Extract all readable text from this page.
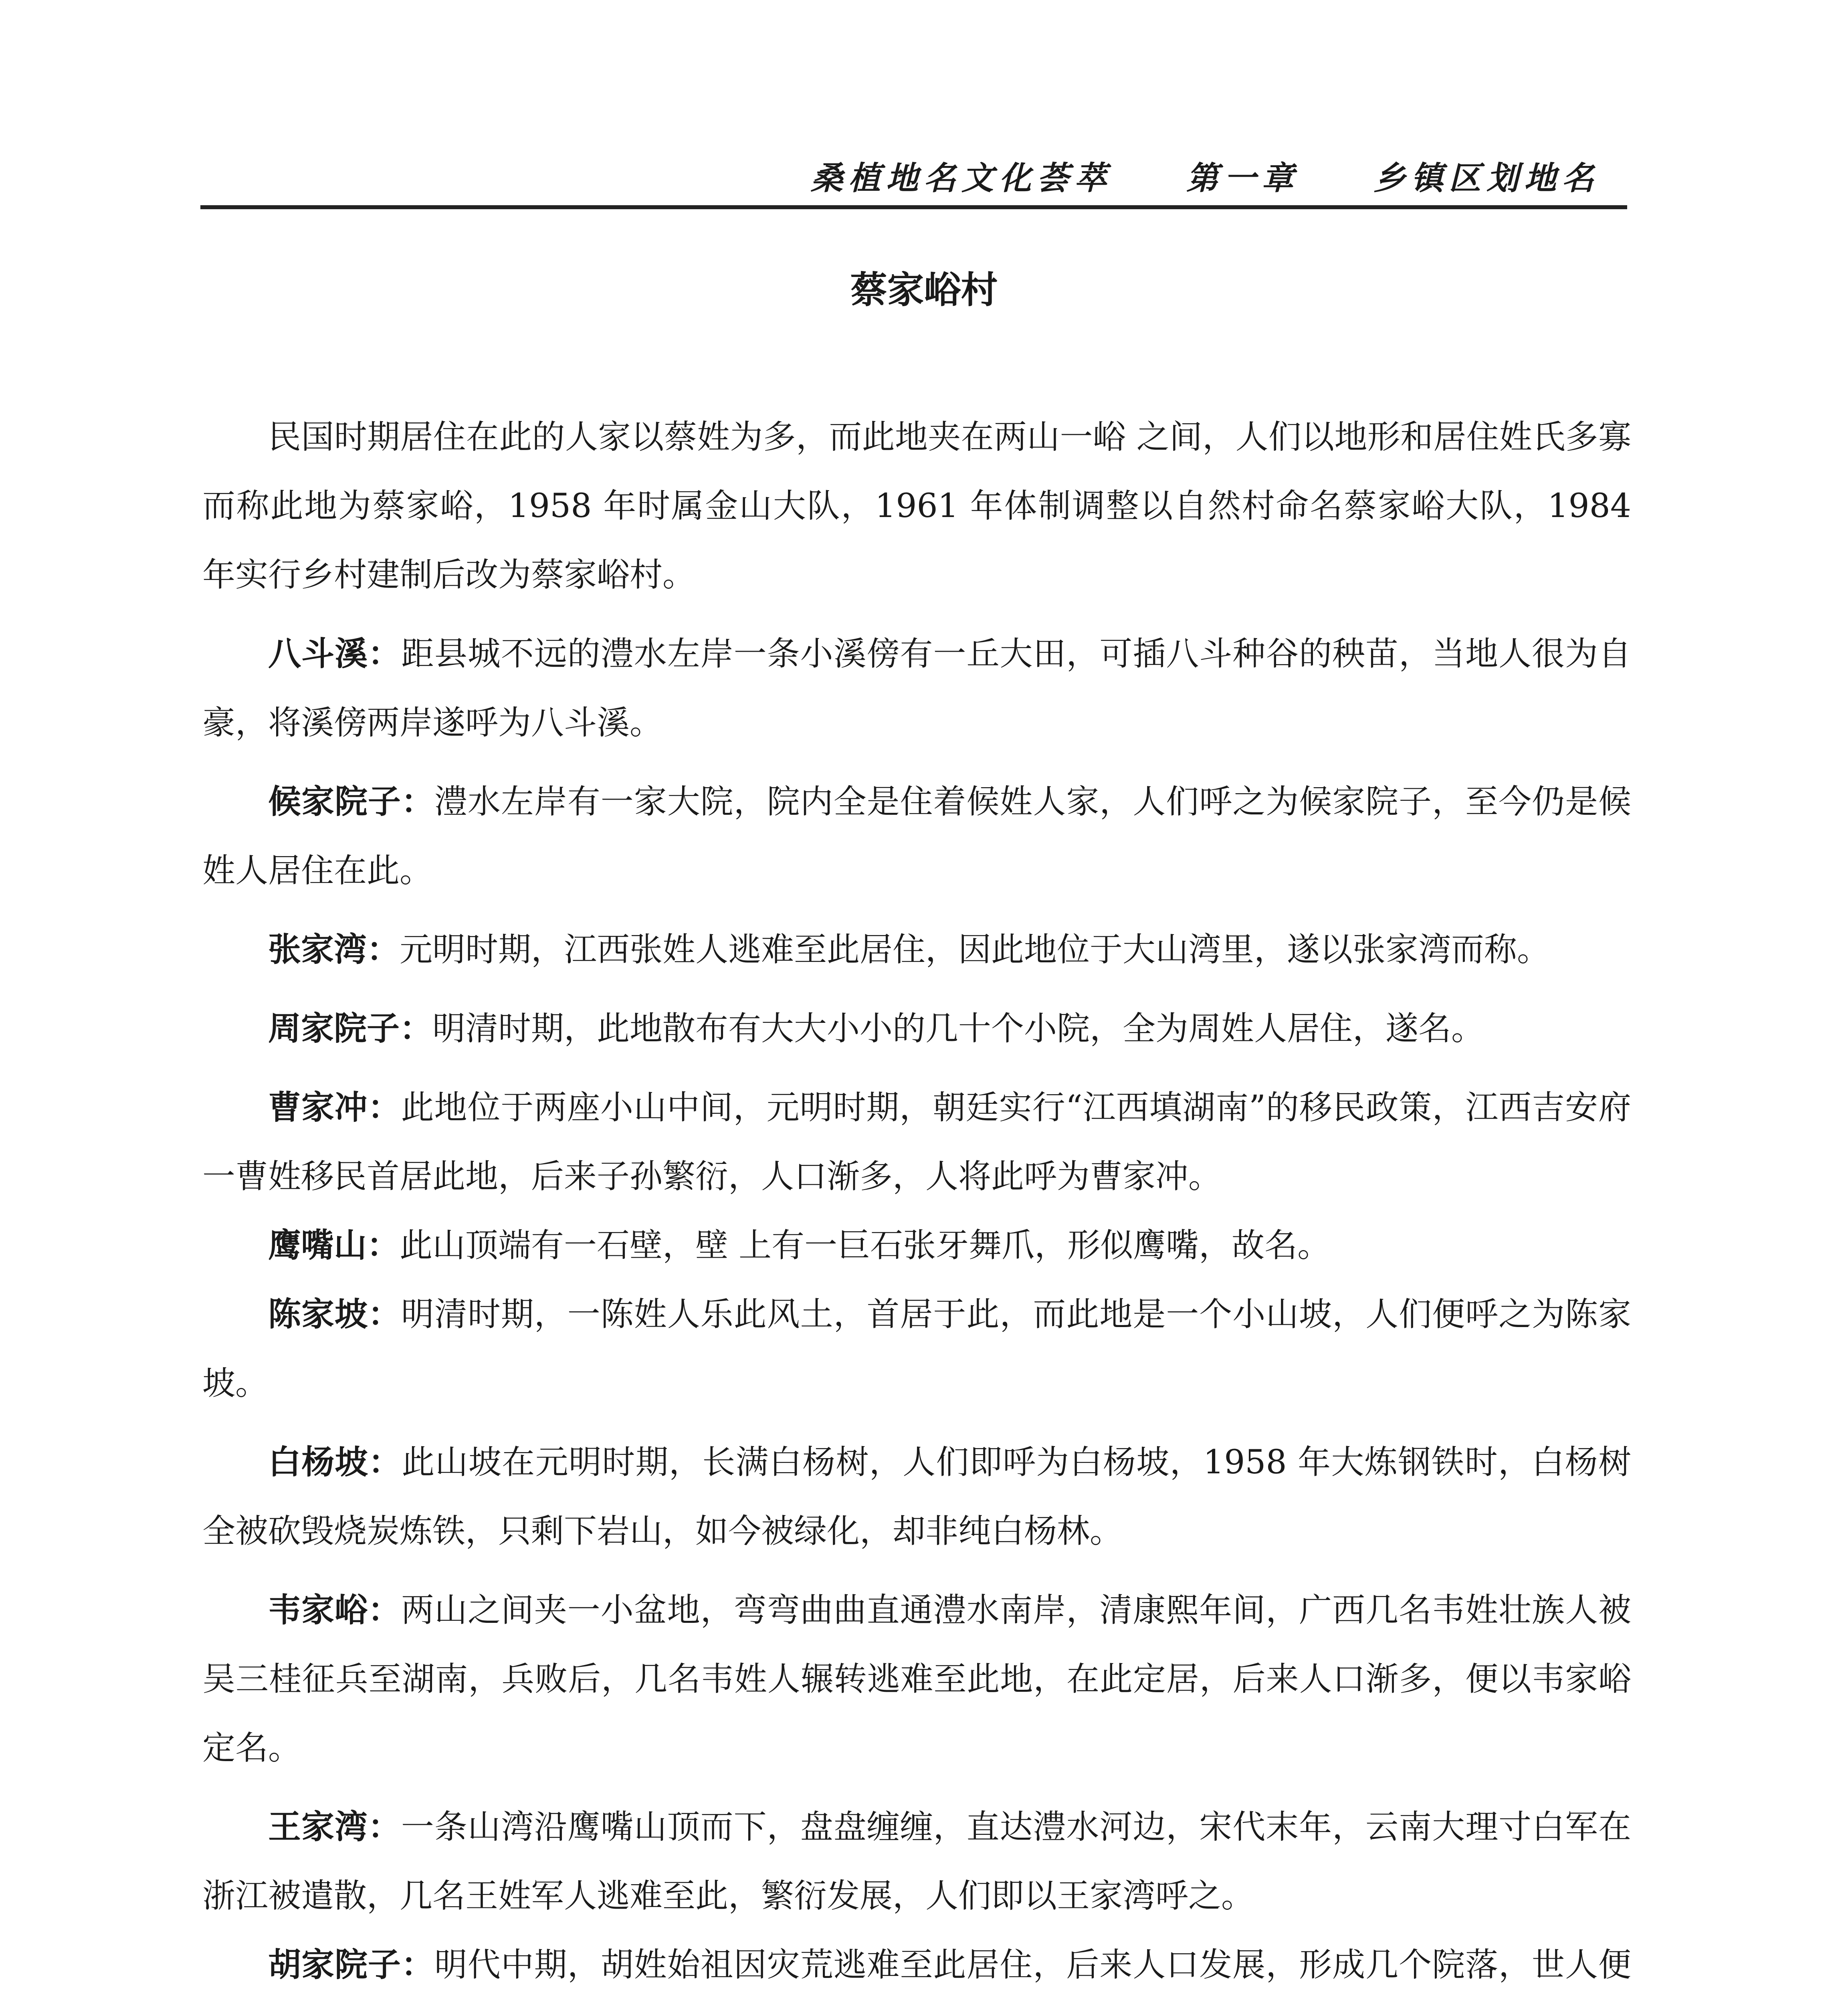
桑植地名文化荟萃 第一章 乡镇区划地名
蔡家峪村

民国时期居住在此的人家以蔡姓为多，而此地夹在两山一峪 之间，人们以地形和居住姓氏多寡而称此地为蔡家峪，1958 年时属金山大队，1961 年体制调整以自然村命名蔡家峪大队，1984 年实行乡村建制后改为蔡家峪村。

八斗溪：距县城不远的澧水左岸一条小溪傍有一丘大田，可插八斗种谷的秧苗，当地人很为自豪，将溪傍两岸遂呼为八斗溪。

候家院子：澧水左岸有一家大院，院内全是住着候姓人家，人们呼之为候家院子，至今仍是候姓人居住在此。

张家湾：元明时期，江西张姓人逃难至此居住，因此地位于大山湾里，遂以张家湾而称。

周家院子：明清时期，此地散布有大大小小的几十个小院，全为周姓人居住，遂名。

曹家冲：此地位于两座小山中间，元明时期，朝廷实行“江西填湖南”的移民政策，江西吉安府一曹姓移民首居此地，后来子孙繁衍，人口渐多，人将此呼为曹家冲。

鹰嘴山：此山顶端有一石壁，壁 上有一巨石张牙舞爪，形似鹰嘴，故名。

陈家坡：明清时期，一陈姓人乐此风土，首居于此，而此地是一个小山坡，人们便呼之为陈家坡。

白杨坡：此山坡在元明时期，长满白杨树，人们即呼为白杨坡，1958 年大炼钢铁时，白杨树全被砍毁烧炭炼铁，只剩下岩山，如今被绿化，却非纯白杨林。

韦家峪：两山之间夹一小盆地，弯弯曲曲直通澧水南岸，清康熙年间，广西几名韦姓壮族人被吴三桂征兵至湖南，兵败后，几名韦姓人辗转逃难至此地，在此定居，后来人口渐多，便以韦家峪定名。

王家湾：一条山湾沿鹰嘴山顶而下，盘盘缠缠，直达澧水河边，宋代末年，云南大理寸白军在浙江被遣散，几名王姓军人逃难至此，繁衍发展，人们即以王家湾呼之。

胡家院子：明代中期，胡姓始祖因灾荒逃难至此居住，后来人口发展，形成几个院落，世人便
